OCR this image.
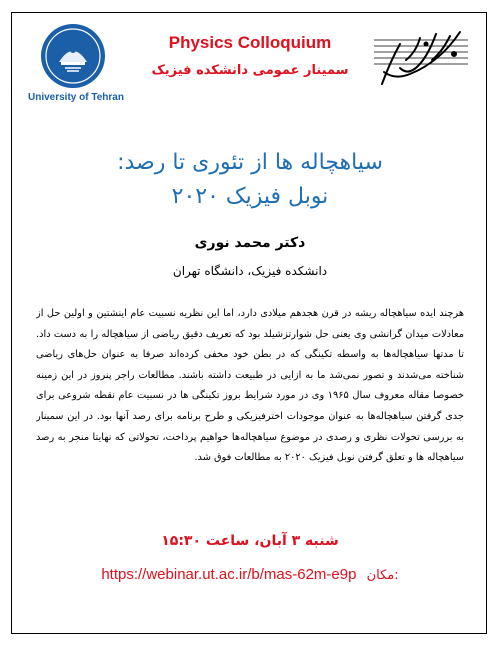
University of Tehran
Physics Colloquium
سمینار عمومی دانشکده فیزیک
سیاهچاله ها از تئوری تا رصد:
نوبل فیزیک ۲۰۲۰
دکتر محمد نوری
دانشکده فیزیک، دانشگاه تهران
هرچند ایده سیاهچاله ریشه در قرن هجدهم میلادی دارد، اما این نظریه نسبیت عام اینشتین و اولین حل از معادلات میدان گرانشی وی یعنی حل شوارتزشیلد بود که تعریف دقیق ریاضی از سیاهچاله را به دست داد. تا مدتها سیاهچاله‌ها به واسطه تکینگی که در بطن خود مخفی کرده‌اند صرفا به عنوان حل‌های ریاضی شناخته می‌شدند و تصور نمی‌شد ما به ازایی در طبیعت داشته باشند. مطالعات راجر پنروز در این زمینه خصوصا مقاله معروف سال ۱۹۶۵ وی در مورد شرایط بروز تکینگی ها در نسبیت عام نقطه شروعی برای جدی گرفتن سیاهچاله‌ها به عنوان موجودات اخترفیزیکی و طرح برنامه برای رصد آنها بود. در این سمینار به بررسی تحولات نظری و رصدی در موضوع سیاهچاله‌ها خواهیم پرداخت، تحولاتی که نهایتا منجر به رصد سیاهچاله ها و تعلق گرفتن نوبل فیزیک ۲۰۲۰ به مطالعات فوق شد.
شنبه ۳ آبان، ساعت ۱۵:۳۰
https://webinar.ut.ac.ir/b/mas-62m-e9p مکان:
